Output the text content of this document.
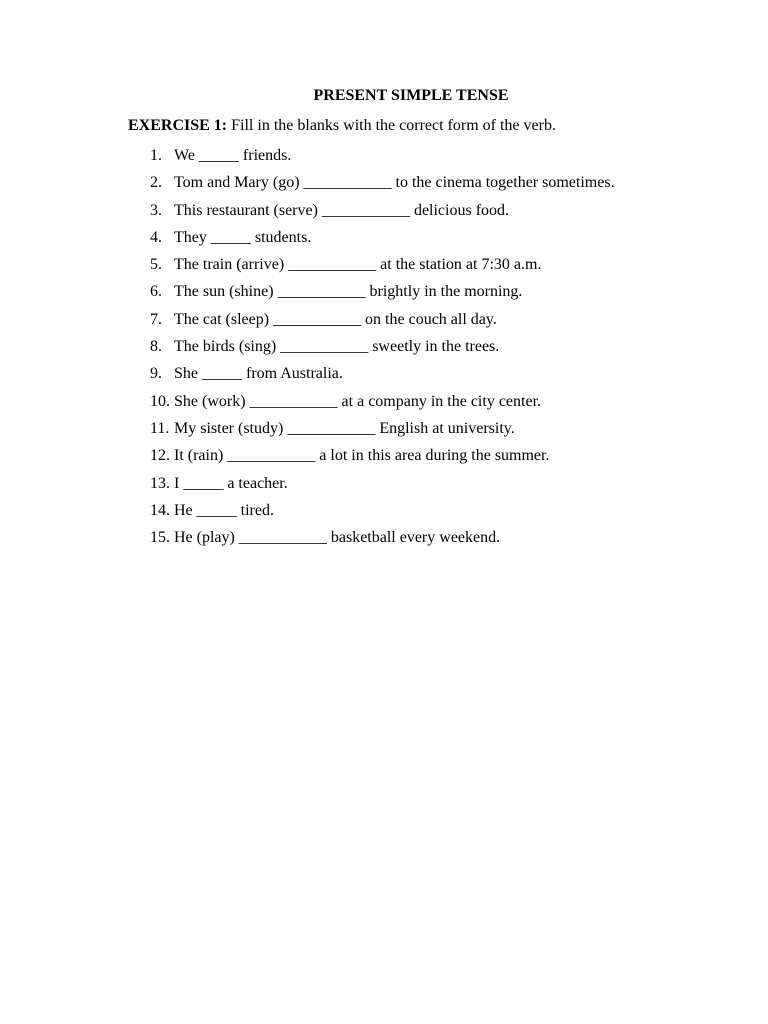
PRESENT SIMPLE TENSE
EXERCISE 1: Fill in the blanks with the correct form of the verb.
1. We _____ friends.
2. Tom and Mary (go) ___________ to the cinema together sometimes.
3. This restaurant (serve) ___________ delicious food.
4. They _____ students.
5. The train (arrive) ___________ at the station at 7:30 a.m.
6. The sun (shine) ___________ brightly in the morning.
7. The cat (sleep) ___________ on the couch all day.
8. The birds (sing) ___________ sweetly in the trees.
9. She _____ from Australia.
10. She (work) ___________ at a company in the city center.
11. My sister (study) ___________ English at university.
12. It (rain) ___________ a lot in this area during the summer.
13. I _____ a teacher.
14. He _____ tired.
15. He (play) ___________ basketball every weekend.
